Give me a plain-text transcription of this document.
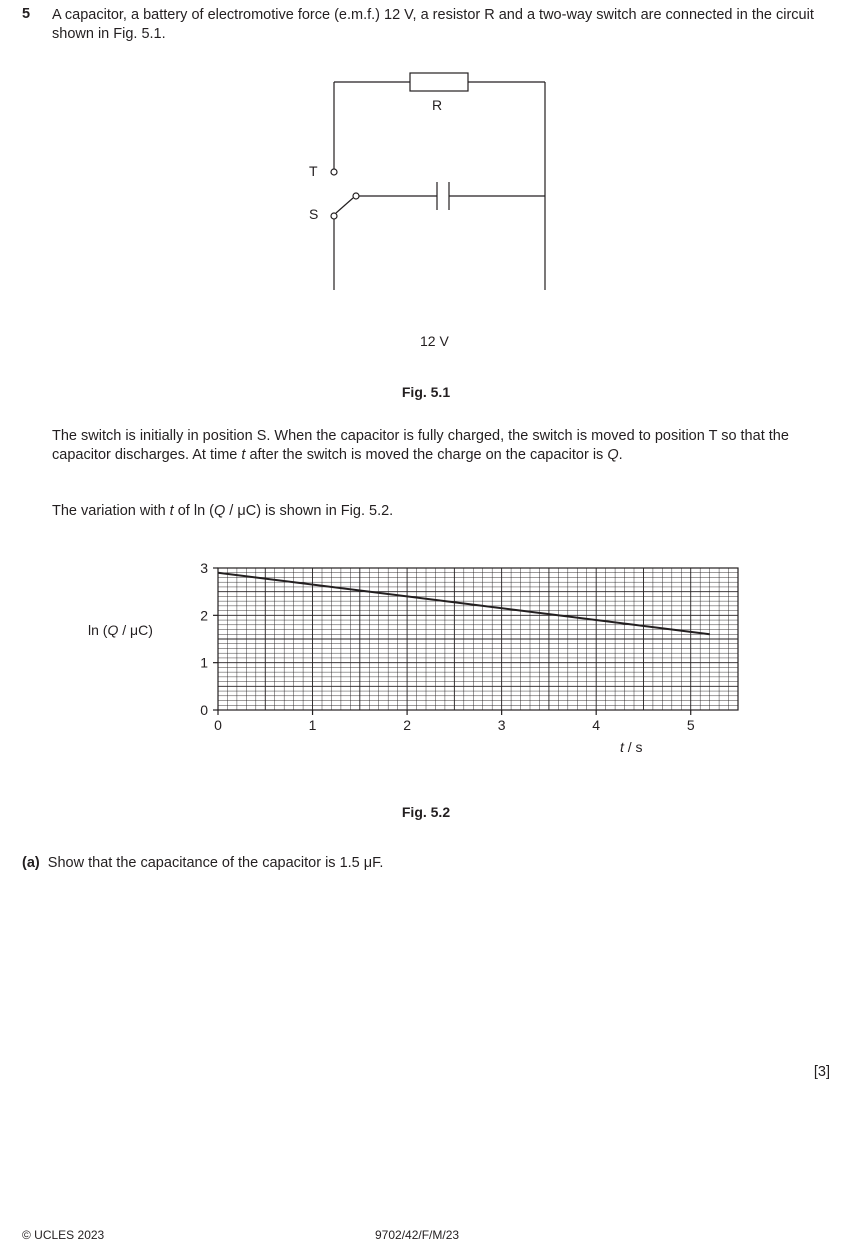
5 A capacitor, a battery of electromotive force (e.m.f.) 12 V, a resistor R and a two-way switch are connected in the circuit shown in Fig. 5.1.

R
T
S
12 V
Fig. 5.1

The switch is initially in position S. When the capacitor is fully charged, the switch is moved to position T so that the capacitor discharges. At time t after the switch is moved the charge on the capacitor is Q.

The variation with t of ln (Q / μC) is shown in Fig. 5.2.

0	1	2	3	4	5
0
1
2
3
ln (Q / μC)
t / s
Fig. 5.2

(a) Show that the capacitance of the capacitor is 1.5 μF.

[3]
© UCLES 2023	9702/42/F/M/23
